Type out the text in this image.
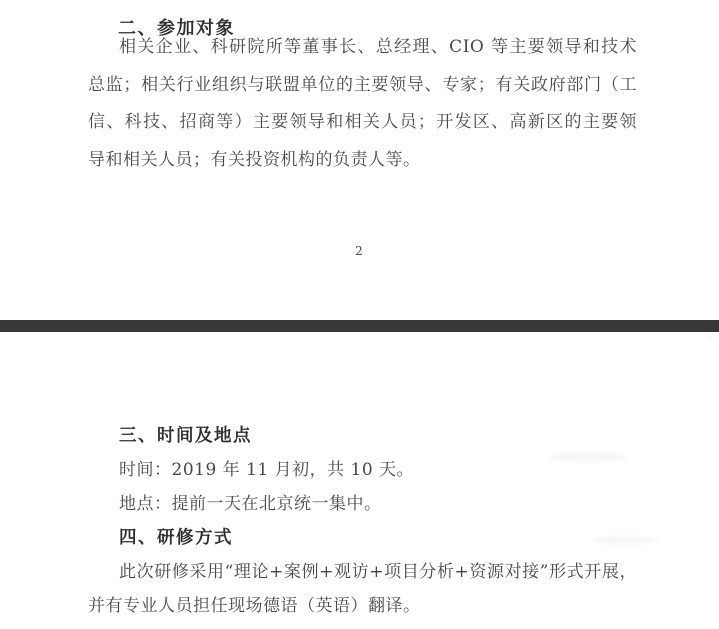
二、参加对象
相关企业、科研院所等董事长、总经理、CIO 等主要领导和技术
总监；相关行业组织与联盟单位的主要领导、专家；有关政府部门（工
信、科技、招商等）主要领导和相关人员；开发区、高新区的主要领
导和相关人员；有关投资机构的负责人等。
2
三、时间及地点
时间：2019 年 11 月初，共 10 天。
地点：提前一天在北京统一集中。
四、研修方式
此次研修采用“理论+案例+观访+项目分析+资源对接”形式开展，
并有专业人员担任现场德语（英语）翻译。
